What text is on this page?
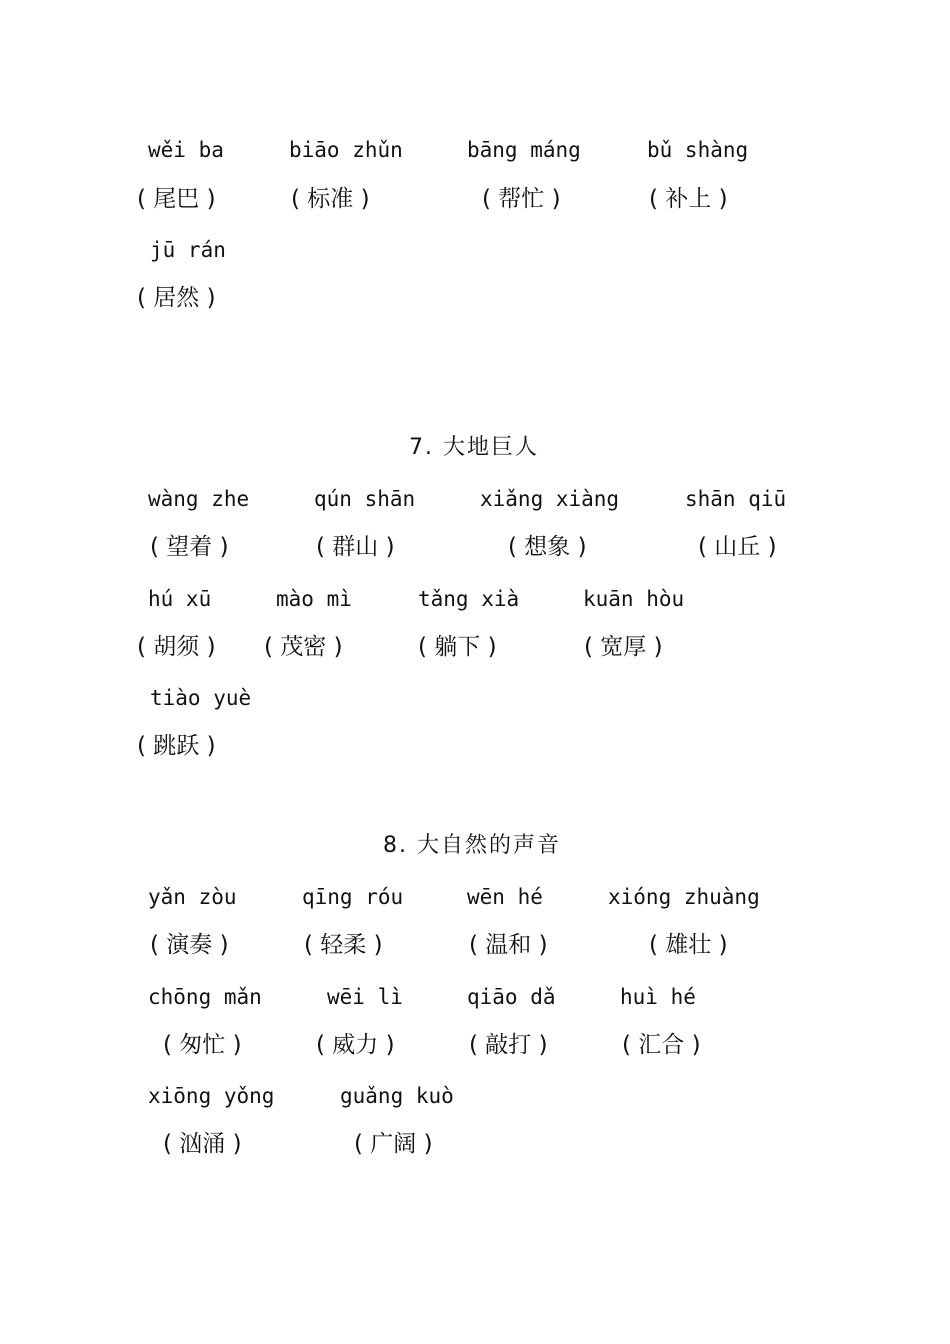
wěi ba	biāo zhǔn	bāng máng	bǔ shàng
( 尾巴 )	( 标准 )	( 帮忙 )	( 补上 )
jū rán
( 居然 )
7. 大地巨人
wàng zhe	qún shān	xiǎng xiàng	shān qiū
( 望着 )	( 群山 )	( 想象 )	( 山丘 )
hú xū	mào mì	tǎng xià	kuān hòu
( 胡须 ) ( 茂密 )	( 躺下 )	( 宽厚 )
tiào yuè
( 跳跃 )
8. 大自然的声音
yǎn zòu	qīng róu	wēn hé	xióng zhuàng
( 演奏 )	( 轻柔 )	( 温和 )	( 雄壮 )
chōng mǎn	wēi lì	qiāo dǎ	huì hé
( 匆忙 )	( 威力 )	( 敲打 )	( 汇合 )
xiōng yǒng	guǎng kuò
( 汹涌 )	( 广阔 )
